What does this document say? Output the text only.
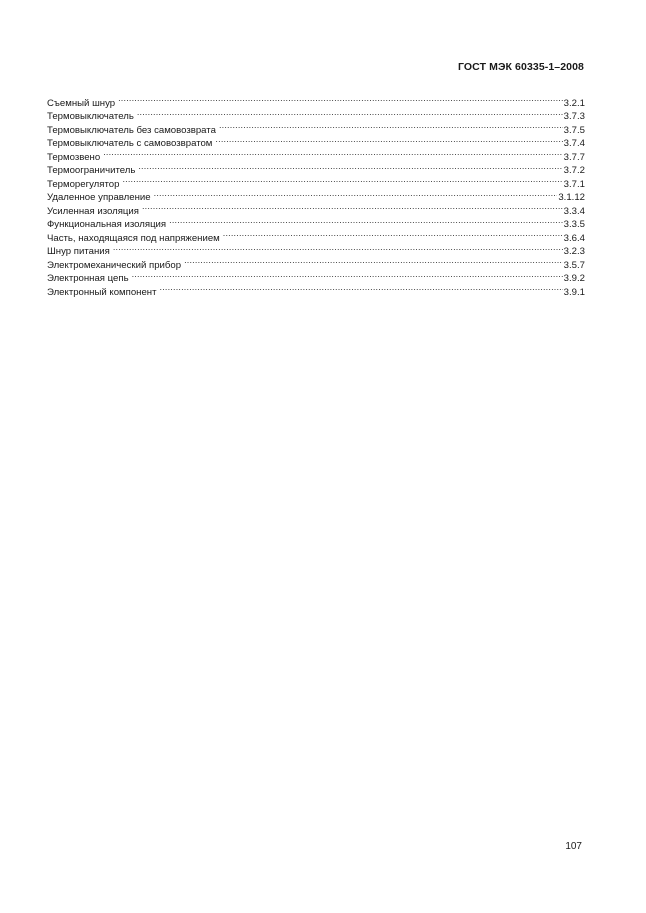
ГОСТ МЭК 60335-1–2008
Съемный шнур .....	3.2.1
Термовыключатель .....	3.7.3
Термовыключатель без самовозврата .....	3.7.5
Термовыключатель с самовозвратом .....	3.7.4
Термозвено .....	3.7.7
Термоограничитель .....	3.7.2
Терморегулятор .....	3.7.1
Удаленное управление .....	3.1.12
Усиленная изоляция .....	3.3.4
Функциональная изоляция .....	3.3.5
Часть, находящаяся под напряжением .....	3.6.4
Шнур питания .....	3.2.3
Электромеханический прибор .....	3.5.7
Электронная цепь .....	3.9.2
Электронный компонент .....	3.9.1
107
